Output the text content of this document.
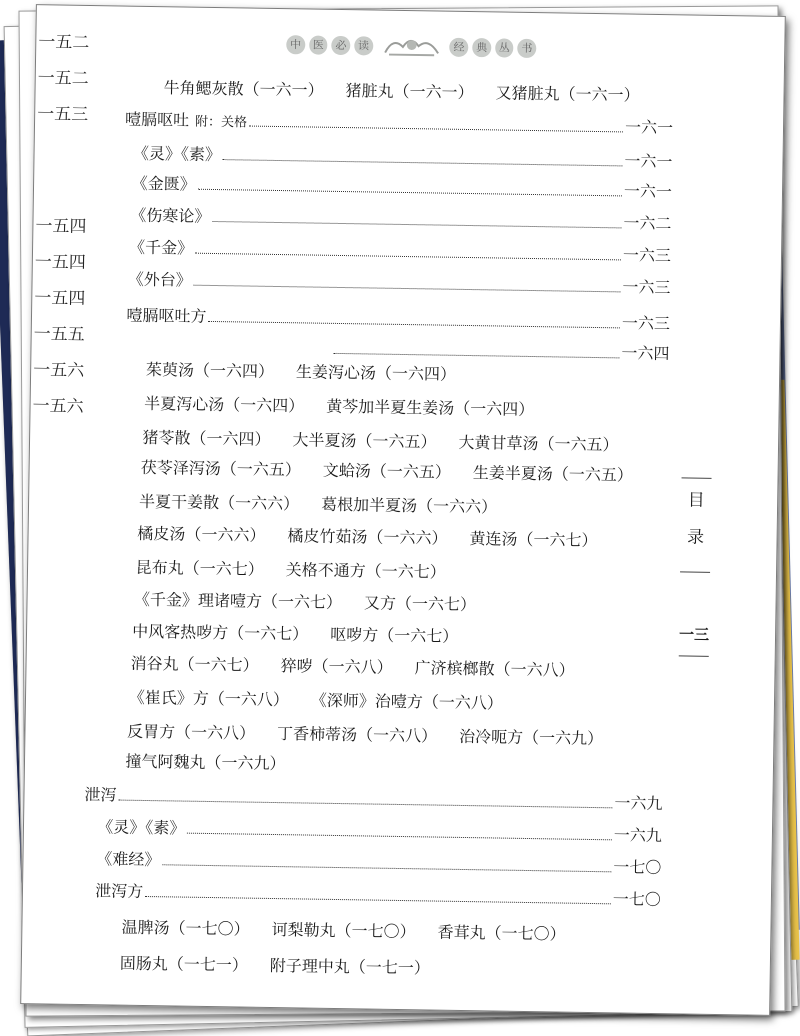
一五二
一五二
一五三
一五四
一五四
一五四
一五五
一五六
一五六
中	医	必	读	经	典	丛	书
牛角鳃灰散（一六一） 猪脏丸（一六一） 又猪脏丸（一六一）
噎膈呕吐 附：关格	一六一
《灵》《素》	一六一
《金匮》	一六一
《伤寒论》	一六二
《千金》	一六三
《外台》	一六三
噎膈呕吐方	一六三
一六四
茱萸汤（一六四） 生姜泻心汤（一六四）
半夏泻心汤（一六四） 黄芩加半夏生姜汤（一六四）
猪苓散（一六四） 大半夏汤（一六五） 大黄甘草汤（一六五）
茯苓泽泻汤（一六五） 文蛤汤（一六五） 生姜半夏汤（一六五）
半夏干姜散（一六六） 葛根加半夏汤（一六六）
橘皮汤（一六六） 橘皮竹茹汤（一六六） 黄连汤（一六七）
昆布丸（一六七） 关格不通方（一六七）
《千金》理诸噎方（一六七） 又方（一六七）
中风客热哕方（一六七） 呕哕方（一六七）
消谷丸（一六七） 猝哕（一六八） 广济槟榔散（一六八）
《崔氏》方（一六八） 《深师》治噎方（一六八）
反胃方（一六八） 丁香柿蒂汤（一六八） 治冷呃方（一六九）
撞气阿魏丸（一六九）
泄泻	一六九
《灵》《素》	一六九
《难经》	一七〇
泄泻方	一七〇
温脾汤（一七〇） 诃梨勒丸（一七〇） 香茸丸（一七〇）
固肠丸（一七一） 附子理中丸（一七一）
目
录
一三
